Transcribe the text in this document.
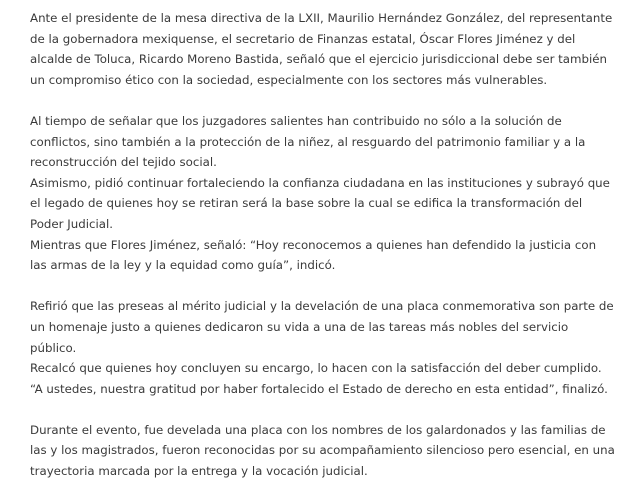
Ante el presidente de la mesa directiva de la LXII, Maurilio Hernández González, del representante de la gobernadora mexiquense, el secretario de Finanzas estatal, Óscar Flores Jiménez y del alcalde de Toluca, Ricardo Moreno Bastida, señaló que el ejercicio jurisdiccional debe ser también un compromiso ético con la sociedad, especialmente con los sectores más vulnerables.

Al tiempo de señalar que los juzgadores salientes han contribuido no sólo a la solución de conflictos, sino también a la protección de la niñez, al resguardo del patrimonio familiar y a la reconstrucción del tejido social.
Asimismo, pidió continuar fortaleciendo la confianza ciudadana en las instituciones y subrayó que el legado de quienes hoy se retiran será la base sobre la cual se edifica la transformación del Poder Judicial.
Mientras que Flores Jiménez, señaló: “Hoy reconocemos a quienes han defendido la justicia con las armas de la ley y la equidad como guía”, indicó.

Refirió que las preseas al mérito judicial y la develación de una placa conmemorativa son parte de un homenaje justo a quienes dedicaron su vida a una de las tareas más nobles del servicio público.
Recalcó que quienes hoy concluyen su encargo, lo hacen con la satisfacción del deber cumplido. “A ustedes, nuestra gratitud por haber fortalecido el Estado de derecho en esta entidad”, finalizó.

Durante el evento, fue develada una placa con los nombres de los galardonados y las familias de las y los magistrados, fueron reconocidas por su acompañamiento silencioso pero esencial, en una trayectoria marcada por la entrega y la vocación judicial.
